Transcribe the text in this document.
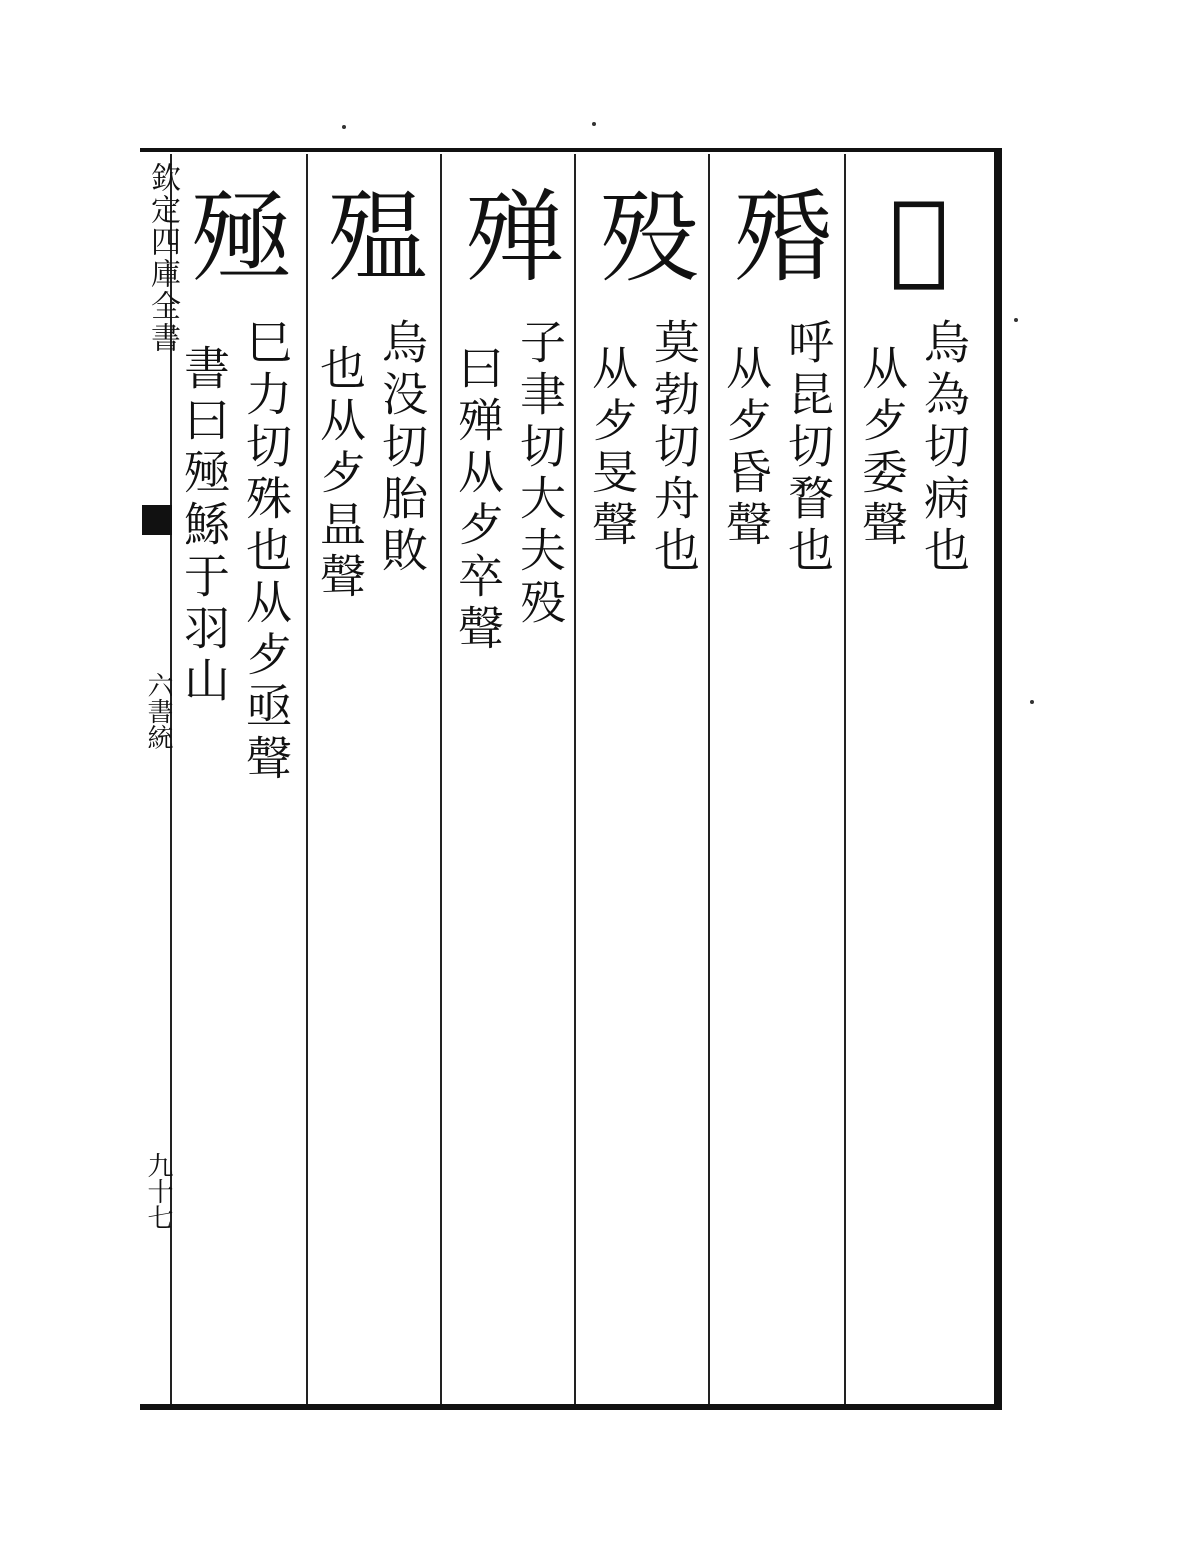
𣧷
烏為切病也
从歺委聲
殙
呼昆切瞀也
从歺昏聲
殁
莫勃切舟也
从歺旻聲
殚
子聿切大夫殁
曰殚从歺卒聲
殟
烏没切胎敗
也从歺昷聲
殛
巳力切殊也从歺亟聲
書曰殛鯀于羽山
欽定四庫全書
六書統
九十七
